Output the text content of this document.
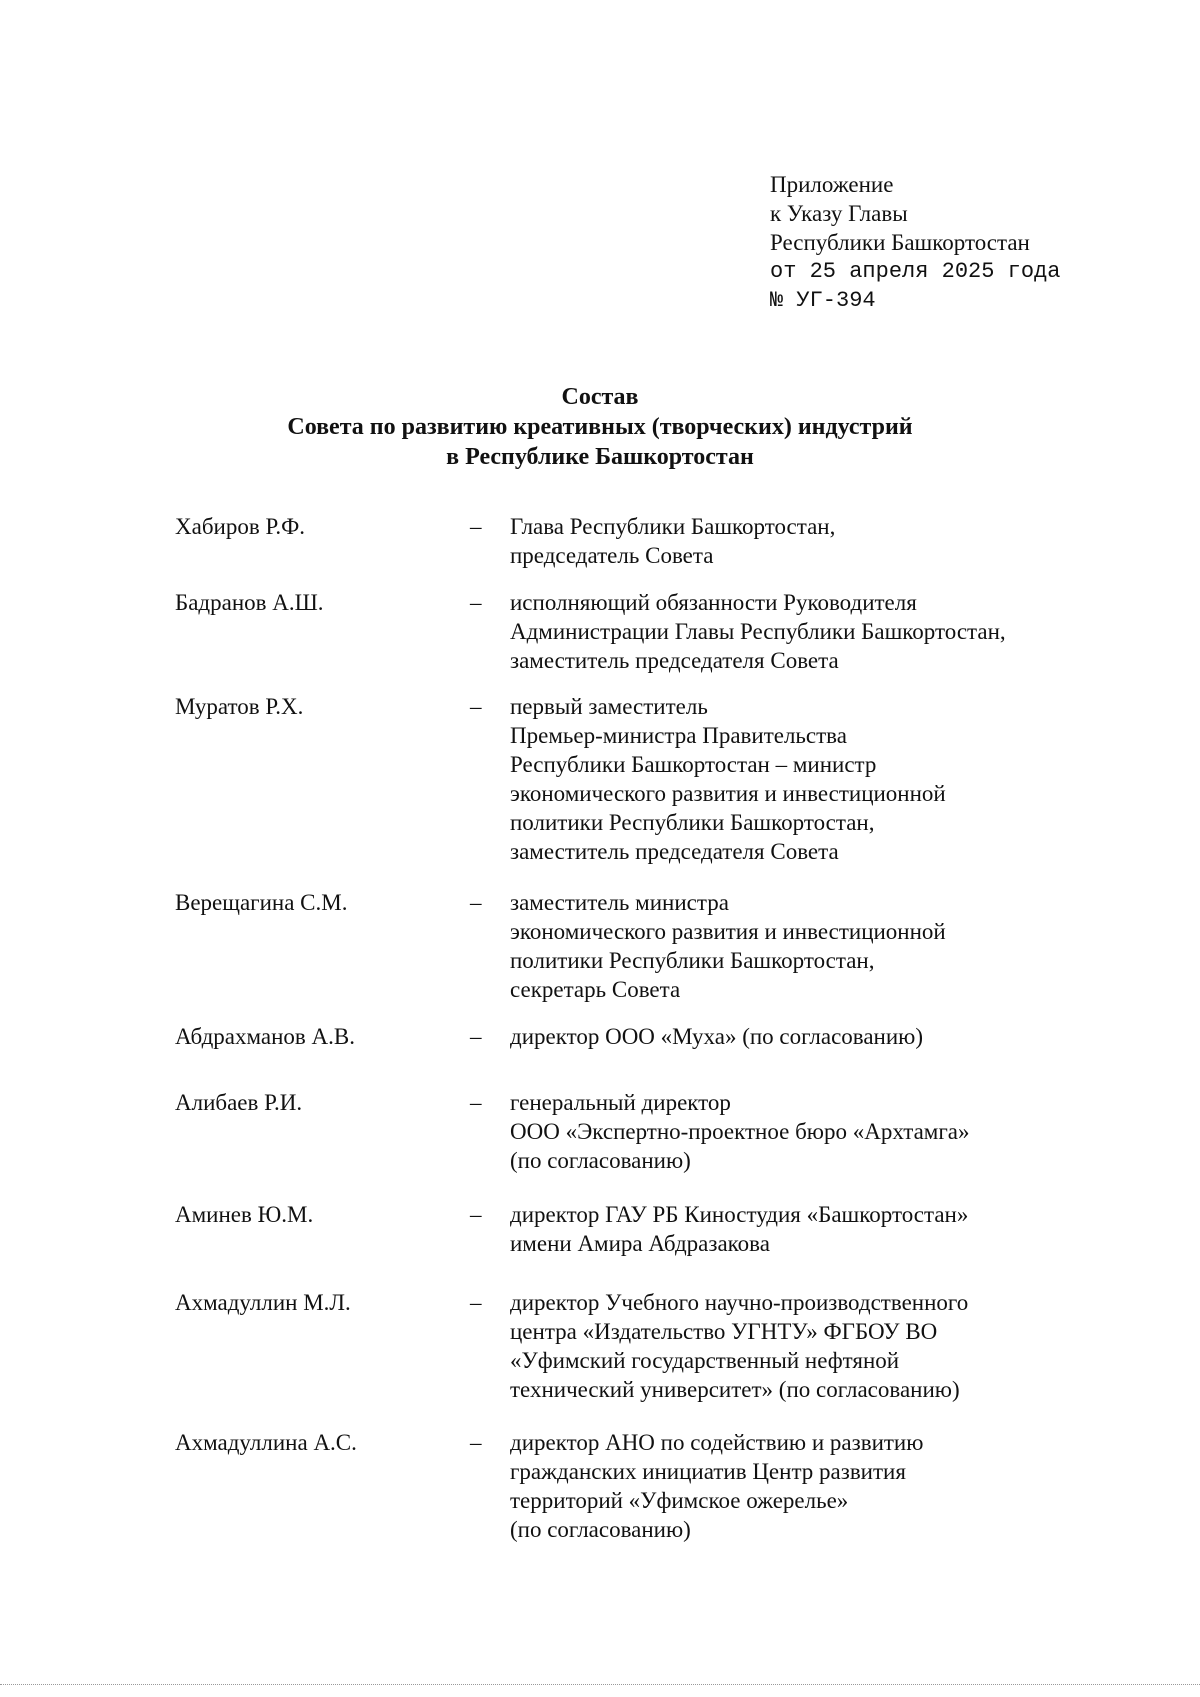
Приложение
к Указу Главы
Республики Башкортостан
от 25 апреля 2025 года
№ УГ-394
Состав
Совета по развитию креативных (творческих) индустрий
в Республике Башкортостан
Хабиров Р.Ф.	– Глава Республики Башкортостан,
председатель Совета
Бадранов А.Ш.	– исполняющий обязанности Руководителя
Администрации Главы Республики Башкортостан,
заместитель председателя Совета
Муратов Р.Х.	– первый заместитель
Премьер-министра Правительства
Республики Башкортостан – министр
экономического развития и инвестиционной
политики Республики Башкортостан,
заместитель председателя Совета
Верещагина С.М.	– заместитель министра
экономического развития и инвестиционной
политики Республики Башкортостан,
секретарь Совета
Абдрахманов А.В.	– директор ООО «Муха» (по согласованию)
Алибаев Р.И.	– генеральный директор
ООО «Экспертно-проектное бюро «Архтамга»
(по согласованию)
Аминев Ю.М.	– директор ГАУ РБ Киностудия «Башкортостан»
имени Амира Абдразакова
Ахмадуллин М.Л.	– директор Учебного научно-производственного
центра «Издательство УГНТУ» ФГБОУ ВО
«Уфимский государственный нефтяной
технический университет» (по согласованию)
Ахмадуллина А.С.	– директор АНО по содействию и развитию
гражданских инициатив Центр развития
территорий «Уфимское ожерелье»
(по согласованию)
